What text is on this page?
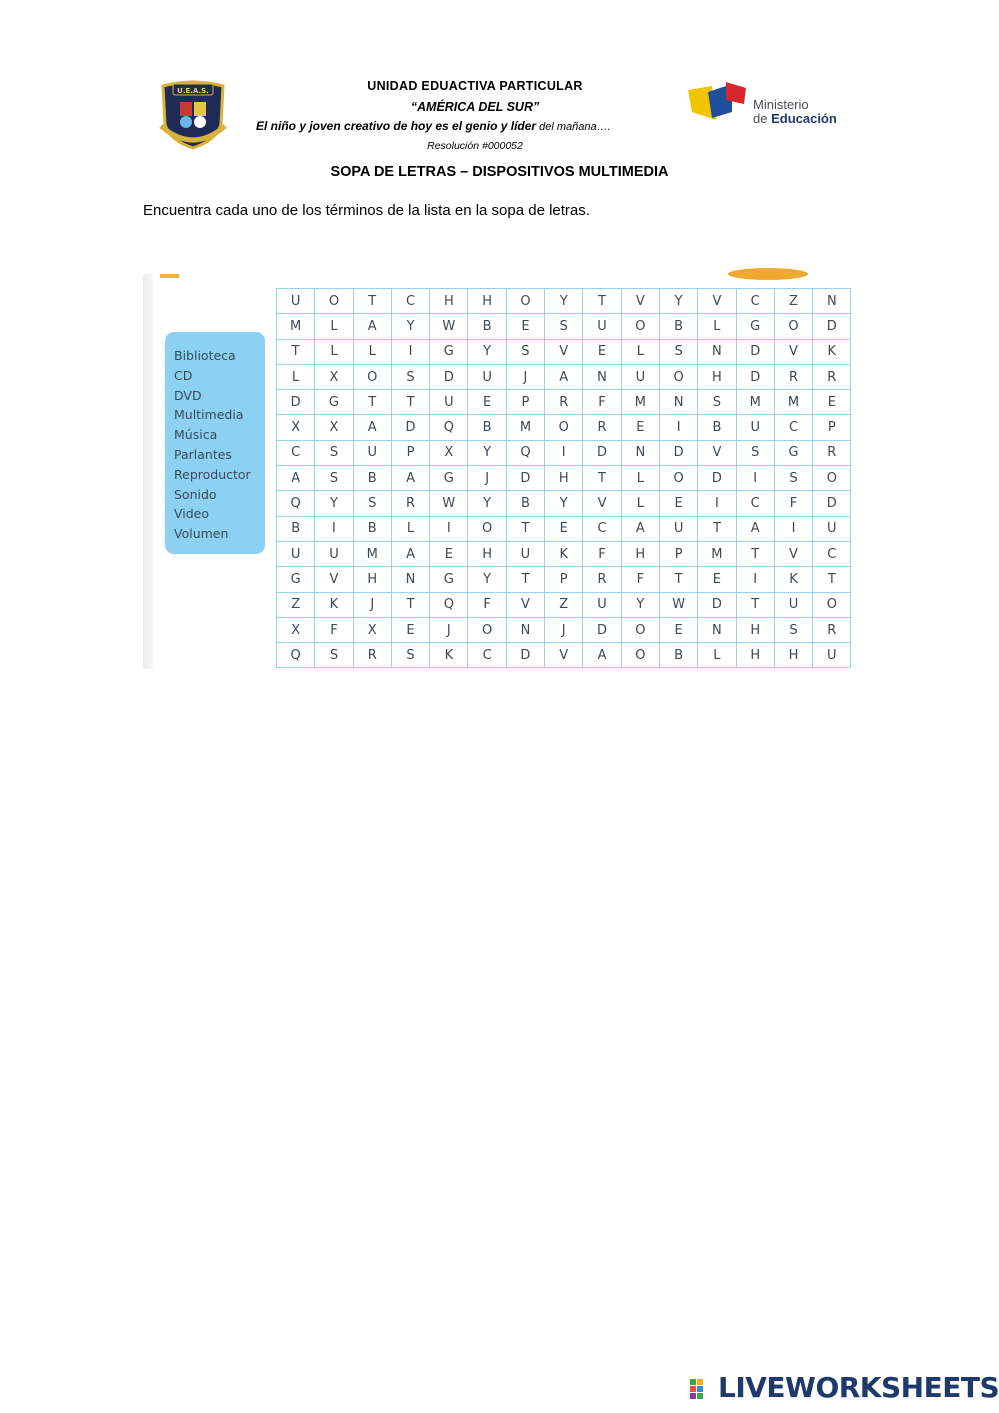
U.E.A.S.	UNIDAD EDUACTIVA PARTICULAR
“AMÉRICA DEL SUR”
El niño y joven creativo de hoy es el genio y líder del mañana….
Resolución #000052
Ministerio
de Educación
SOPA DE LETRAS – DISPOSITIVOS MULTIMEDIA
Encuentra cada uno de los términos de la lista en la sopa de letras.
Biblioteca
CD
DVD
Multimedia
Música
Parlantes
Reproductor
Sonido
Video
Volumen
U	O	T	C	H	H	O	Y	T	V	Y	V	C	Z	N
M	L	A	Y	W	B	E	S	U	O	B	L	G	O	D
T	L	L	I	G	Y	S	V	E	L	S	N	D	V	K
L	X	O	S	D	U	J	A	N	U	O	H	D	R	R
D	G	T	T	U	E	P	R	F	M	N	S	M	M	E
X	X	A	D	Q	B	M	O	R	E	I	B	U	C	P
C	S	U	P	X	Y	Q	I	D	N	D	V	S	G	R
A	S	B	A	G	J	D	H	T	L	O	D	I	S	O
Q	Y	S	R	W	Y	B	Y	V	L	E	I	C	F	D
B	I	B	L	I	O	T	E	C	A	U	T	A	I	U
U	U	M	A	E	H	U	K	F	H	P	M	T	V	C
G	V	H	N	G	Y	T	P	R	F	T	E	I	K	T
Z	K	J	T	Q	F	V	Z	U	Y	W	D	T	U	O
X	F	X	E	J	O	N	J	D	O	E	N	H	S	R
Q	S	R	S	K	C	D	V	A	O	B	L	H	H	U
LIVEWORKSHEETS
